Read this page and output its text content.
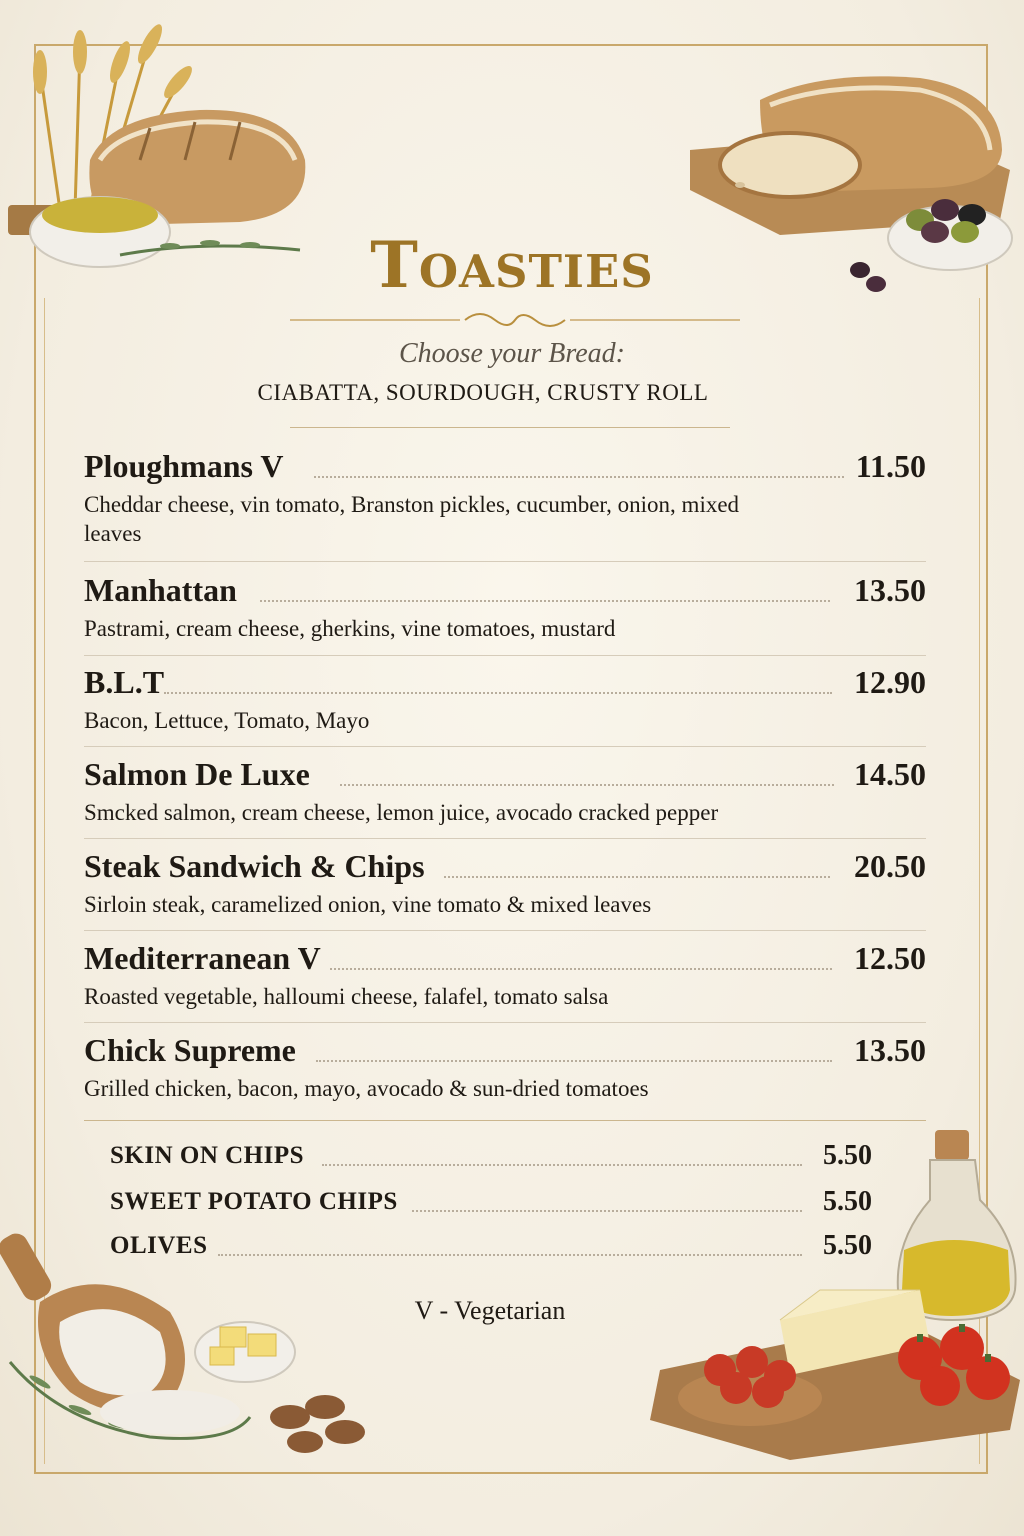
Toasties
Choose your Bread:
CIABATTA, SOURDOUGH, CRUSTY ROLL
Ploughmans V	11.50
Cheddar cheese, vin tomato, Branston pickles, cucumber, onion, mixed leaves
Manhattan	13.50
Pastrami, cream cheese, gherkins, vine tomatoes, mustard
B.L.T	12.90
Bacon, Lettuce, Tomato, Mayo
Salmon De Luxe	14.50
Smcked salmon, cream cheese, lemon juice, avocado cracked pepper
Steak Sandwich & Chips	20.50
Sirloin steak, caramelized onion, vine tomato & mixed leaves
Mediterranean V	12.50
Roasted vegetable, halloumi cheese, falafel, tomato salsa
Chick Supreme	13.50
Grilled chicken, bacon, mayo, avocado & sun-dried tomatoes
SKIN ON CHIPS	5.50
SWEET POTATO CHIPS	5.50
OLIVES	5.50
V - Vegetarian
